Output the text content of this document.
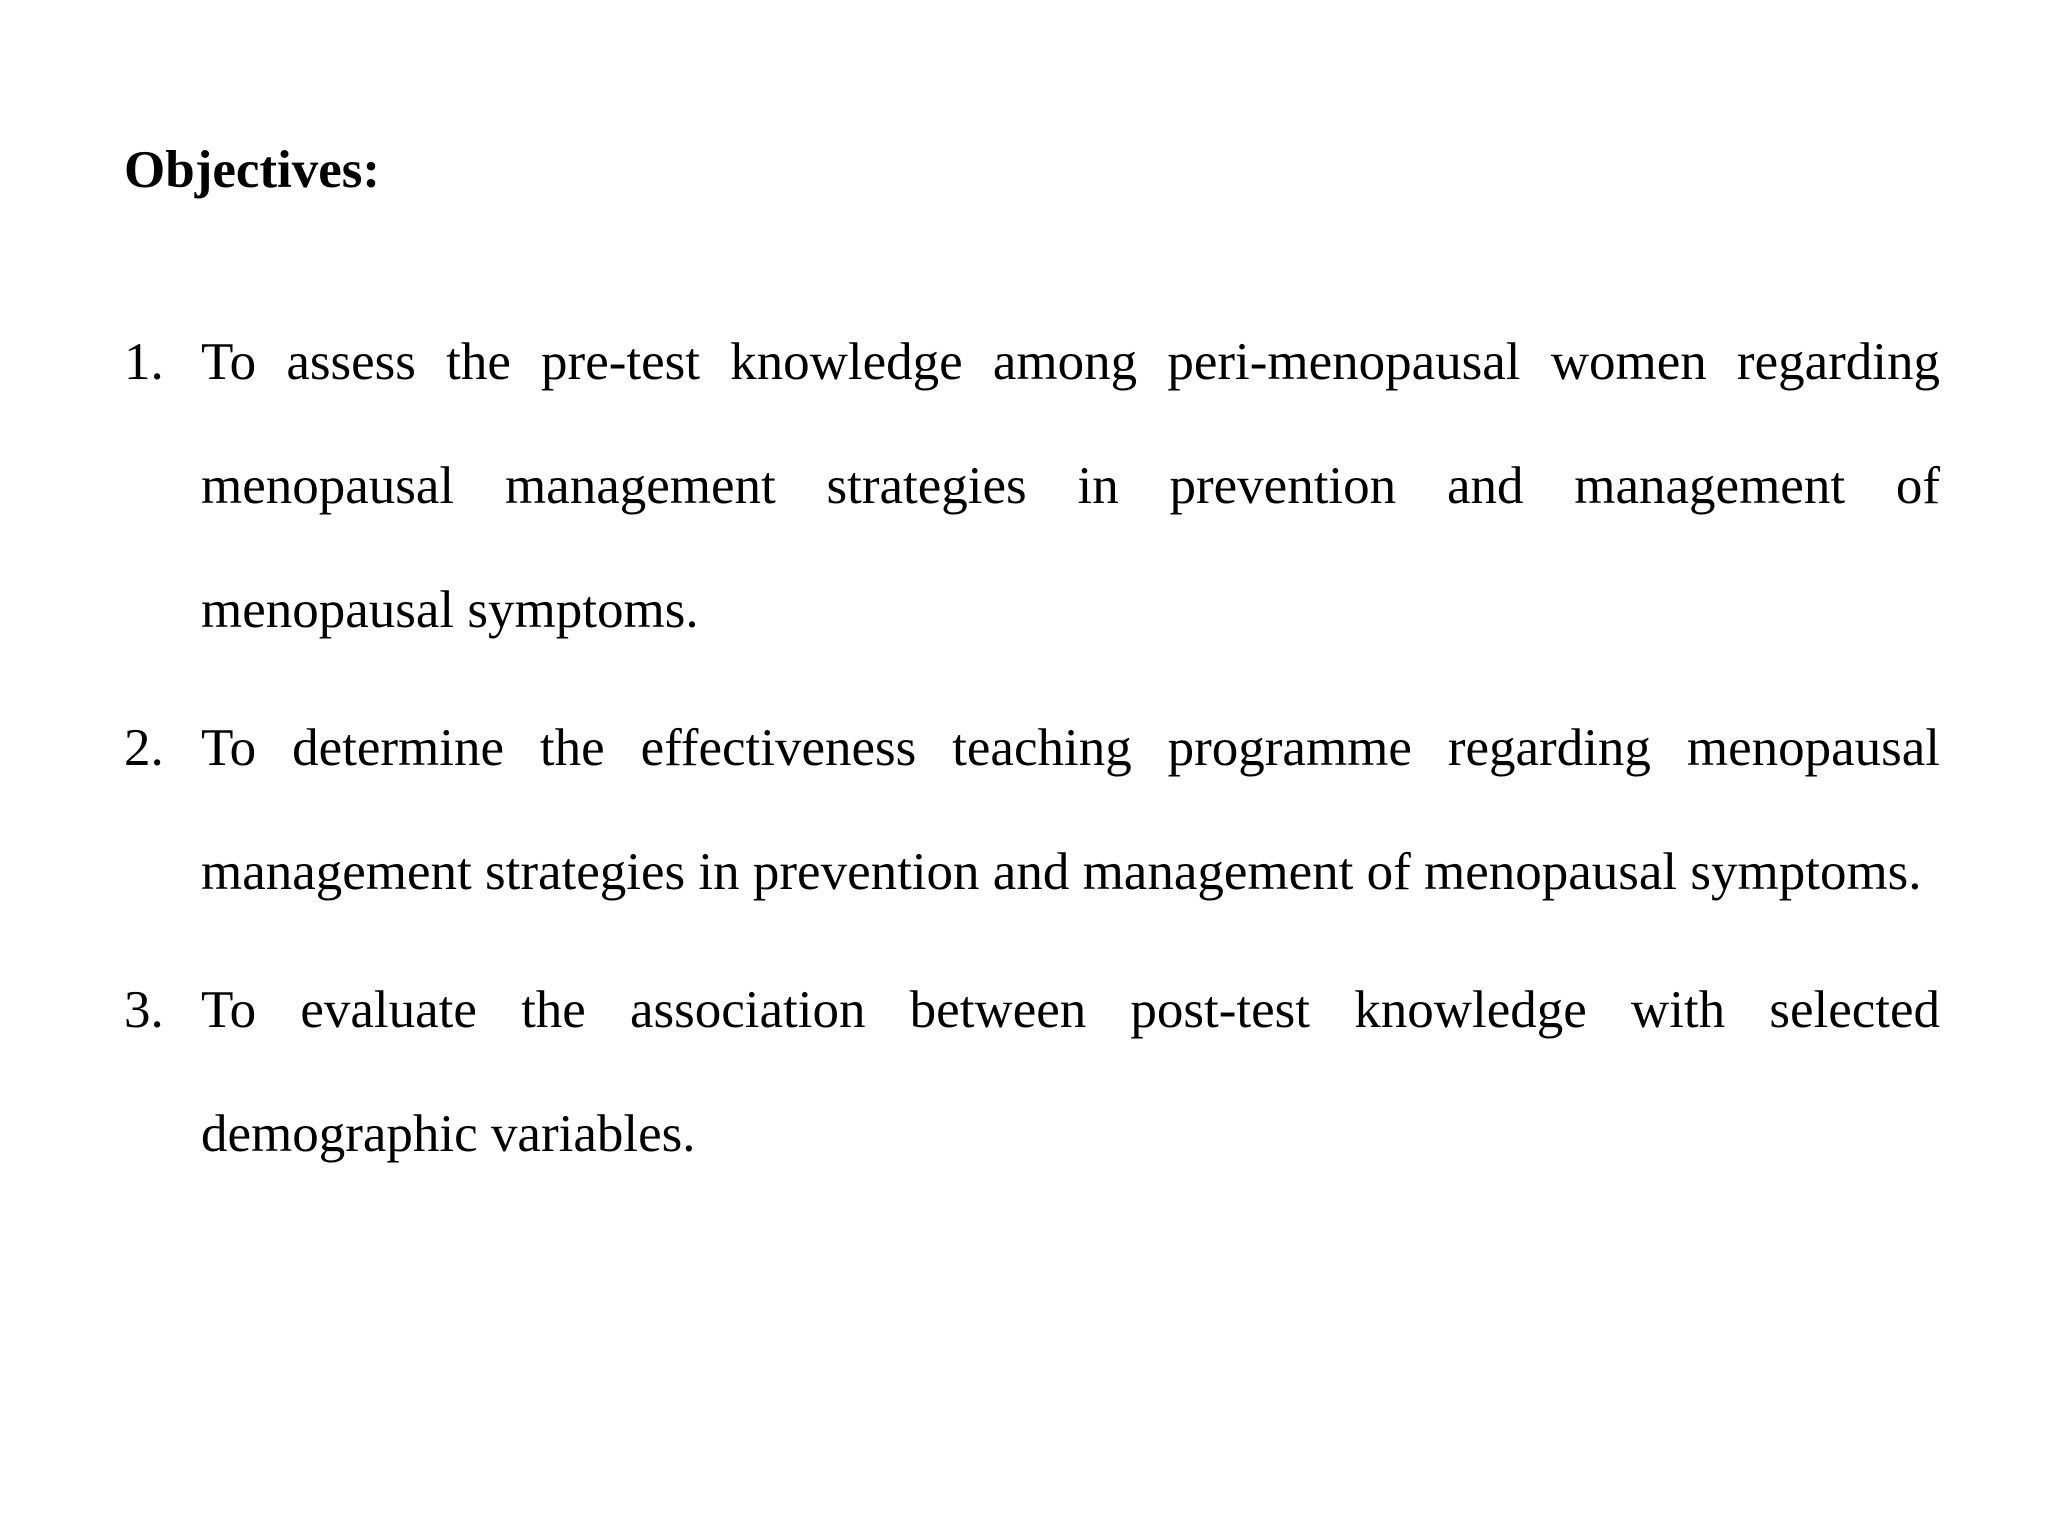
Objectives:
1. To assess the pre-test knowledge among peri-menopausal women regarding menopausal management strategies in prevention and management of menopausal symptoms.
2. To determine the effectiveness teaching programme regarding menopausal management strategies in prevention and management of menopausal symptoms.
3. To evaluate the association between post-test knowledge with selected demographic variables.
